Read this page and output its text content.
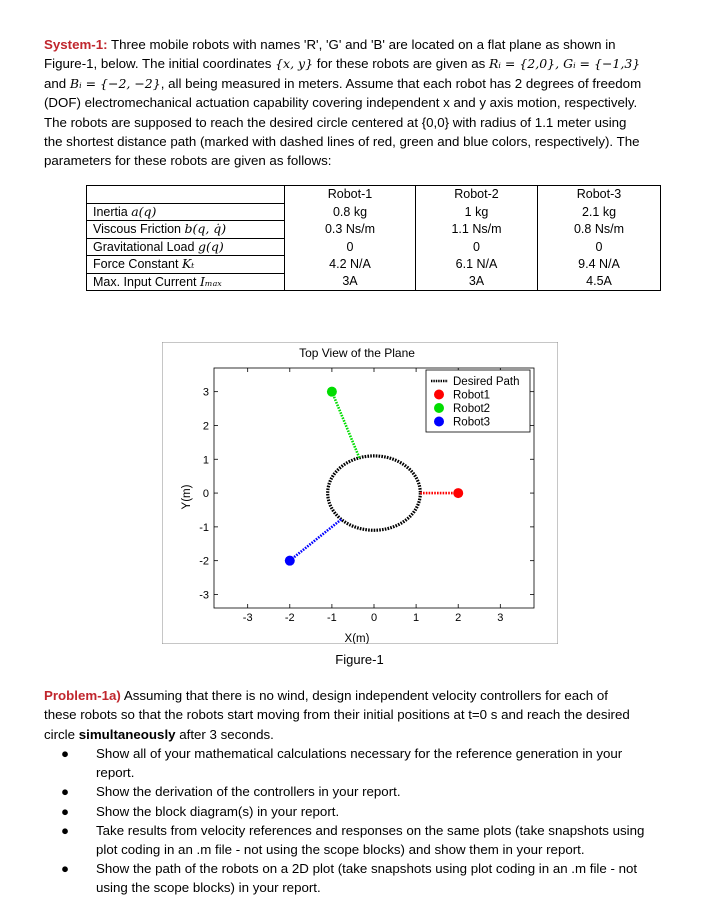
System-1: Three mobile robots with names 'R', 'G' and 'B' are located on a flat plane as shown in
Figure-1, below. The initial coordinates {x, y} for these robots are given as Rᵢ = {2,0}, Gᵢ = {−1,3}
and Bᵢ = {−2, −2}, all being measured in meters. Assume that each robot has 2 degrees of freedom
(DOF) electromechanical actuation capability covering independent x and y axis motion, respectively.
The robots are supposed to reach the desired circle centered at {0,0} with radius of 1.1 meter using
the shortest distance path (marked with dashed lines of red, green and blue colors, respectively). The
parameters for these robots are given as follows:
	Robot-1	Robot-2	Robot-3
Inertia a(q)	0.8 kg	1 kg	2.1 kg
Viscous Friction b(q, q̇)	0.3 Ns/m	1.1 Ns/m	0.8 Ns/m
Gravitational Load g(q)	0	0	0
Force Constant Kₜ	4.2 N/A	6.1 N/A	9.4 N/A
Max. Input Current Iₘₐₓ	3A	3A	4.5A
Top View of the Plane
-3	-2	-1	0	1	2	3
3
2
1
0
-1
-2
-3
X(m)
Y(m)
Desired Path
Robot1
Robot2
Robot3
Figure-1
Problem-1a) Assuming that there is no wind, design independent velocity controllers for each of
these robots so that the robots start moving from their initial positions at t=0 s and reach the desired
circle simultaneously after 3 seconds.
● Show all of your mathematical calculations necessary for the reference generation in your
report.
● Show the derivation of the controllers in your report.
● Show the block diagram(s) in your report.
● Take results from velocity references and responses on the same plots (take snapshots using
plot coding in an .m file - not using the scope blocks) and show them in your report.
● Show the path of the robots on a 2D plot (take snapshots using plot coding in an .m file - not
using the scope blocks) in your report.
